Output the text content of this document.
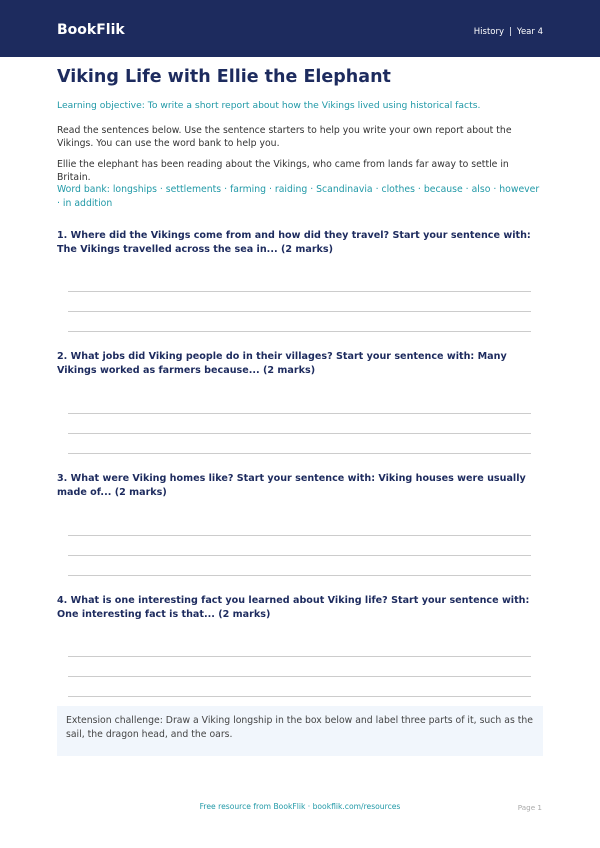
BookFlik	History | Year 4
Viking Life with Ellie the Elephant
Learning objective: To write a short report about how the Vikings lived using historical facts.
Read the sentences below. Use the sentence starters to help you write your own report about the Vikings. You can use the word bank to help you.
Ellie the elephant has been reading about the Vikings, who came from lands far away to settle in Britain.
Word bank: longships · settlements · farming · raiding · Scandinavia · clothes · because · also · however · in addition
1. Where did the Vikings come from and how did they travel? Start your sentence with: The Vikings travelled across the sea in... (2 marks)
2. What jobs did Viking people do in their villages? Start your sentence with: Many Vikings worked as farmers because... (2 marks)
3. What were Viking homes like? Start your sentence with: Viking houses were usually made of... (2 marks)
4. What is one interesting fact you learned about Viking life? Start your sentence with: One interesting fact is that... (2 marks)
Extension challenge: Draw a Viking longship in the box below and label three parts of it, such as the sail, the dragon head, and the oars.
Free resource from BookFlik · bookflik.com/resources	Page 1
